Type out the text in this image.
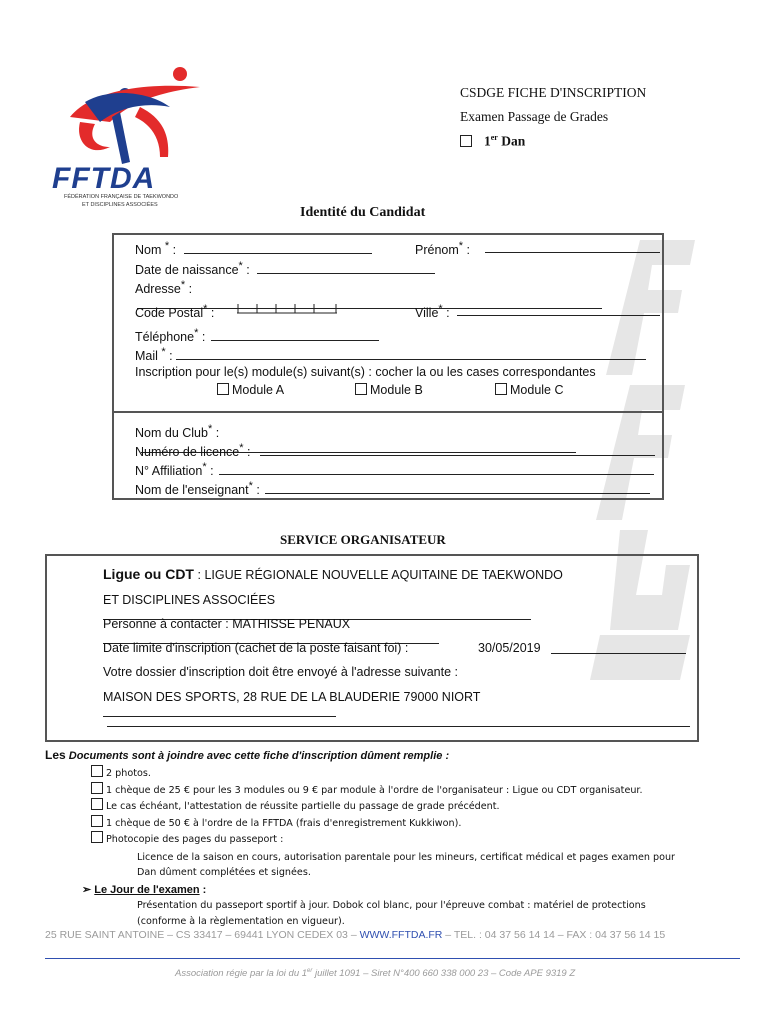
FFTDA
FÉDÉRATION FRANÇAISE DE TAEKWONDO
ET DISCIPLINES ASSOCIÉES
CSDGE FICHE D'INSCRIPTION
Examen Passage de Grades
1er Dan
Identité du Candidat
Nom * :	Prénom* :
Date de naissance* :
Adresse* :
Code Postal* :	Ville* :
Téléphone* :
Mail * :
Inscription pour le(s) module(s) suivant(s) : cocher la ou les cases correspondantes
Module A	Module B	Module C
Nom du Club* :
Numéro de licence* :
N° Affiliation* :
Nom de l'enseignant* :
SERVICE ORGANISATEUR
Ligue ou CDT : LIGUE RÉGIONALE NOUVELLE AQUITAINE DE TAEKWONDO
ET DISCIPLINES ASSOCIÉES
Personne à contacter : MATHISSE PENAUX
Date limite d'inscription (cachet de la poste faisant foi) :	30/05/2019
Votre dossier d'inscription doit être envoyé à l'adresse suivante :
MAISON DES SPORTS, 28 RUE DE LA BLAUDERIE 79000 NIORT
Les Documents sont à joindre avec cette fiche d'inscription dûment remplie :
2 photos.
1 chèque de 25 € pour les 3 modules ou 9 € par module à l'ordre de l'organisateur : Ligue ou CDT organisateur.
Le cas échéant, l'attestation de réussite partielle du passage de grade précédent.
1 chèque de 50 € à l'ordre de la FFTDA (frais d'enregistrement Kukkiwon).
Photocopie des pages du passeport :
Licence de la saison en cours, autorisation parentale pour les mineurs, certificat médical et pages examen pour Dan dûment complétées et signées.
➢ Le Jour de l'examen :
Présentation du passeport sportif à jour. Dobok col blanc, pour l'épreuve combat : matériel de protections (conforme à la règlementation en vigueur).
25 RUE SAINT ANTOINE – CS 33417 – 69441 LYON CEDEX 03 – WWW.FFTDA.FR – TEL. : 04 37 56 14 14 – FAX : 04 37 56 14 15
Association régie par la loi du 1er juillet 1091 – Siret N°400 660 338 000 23 – Code APE 9319 Z
